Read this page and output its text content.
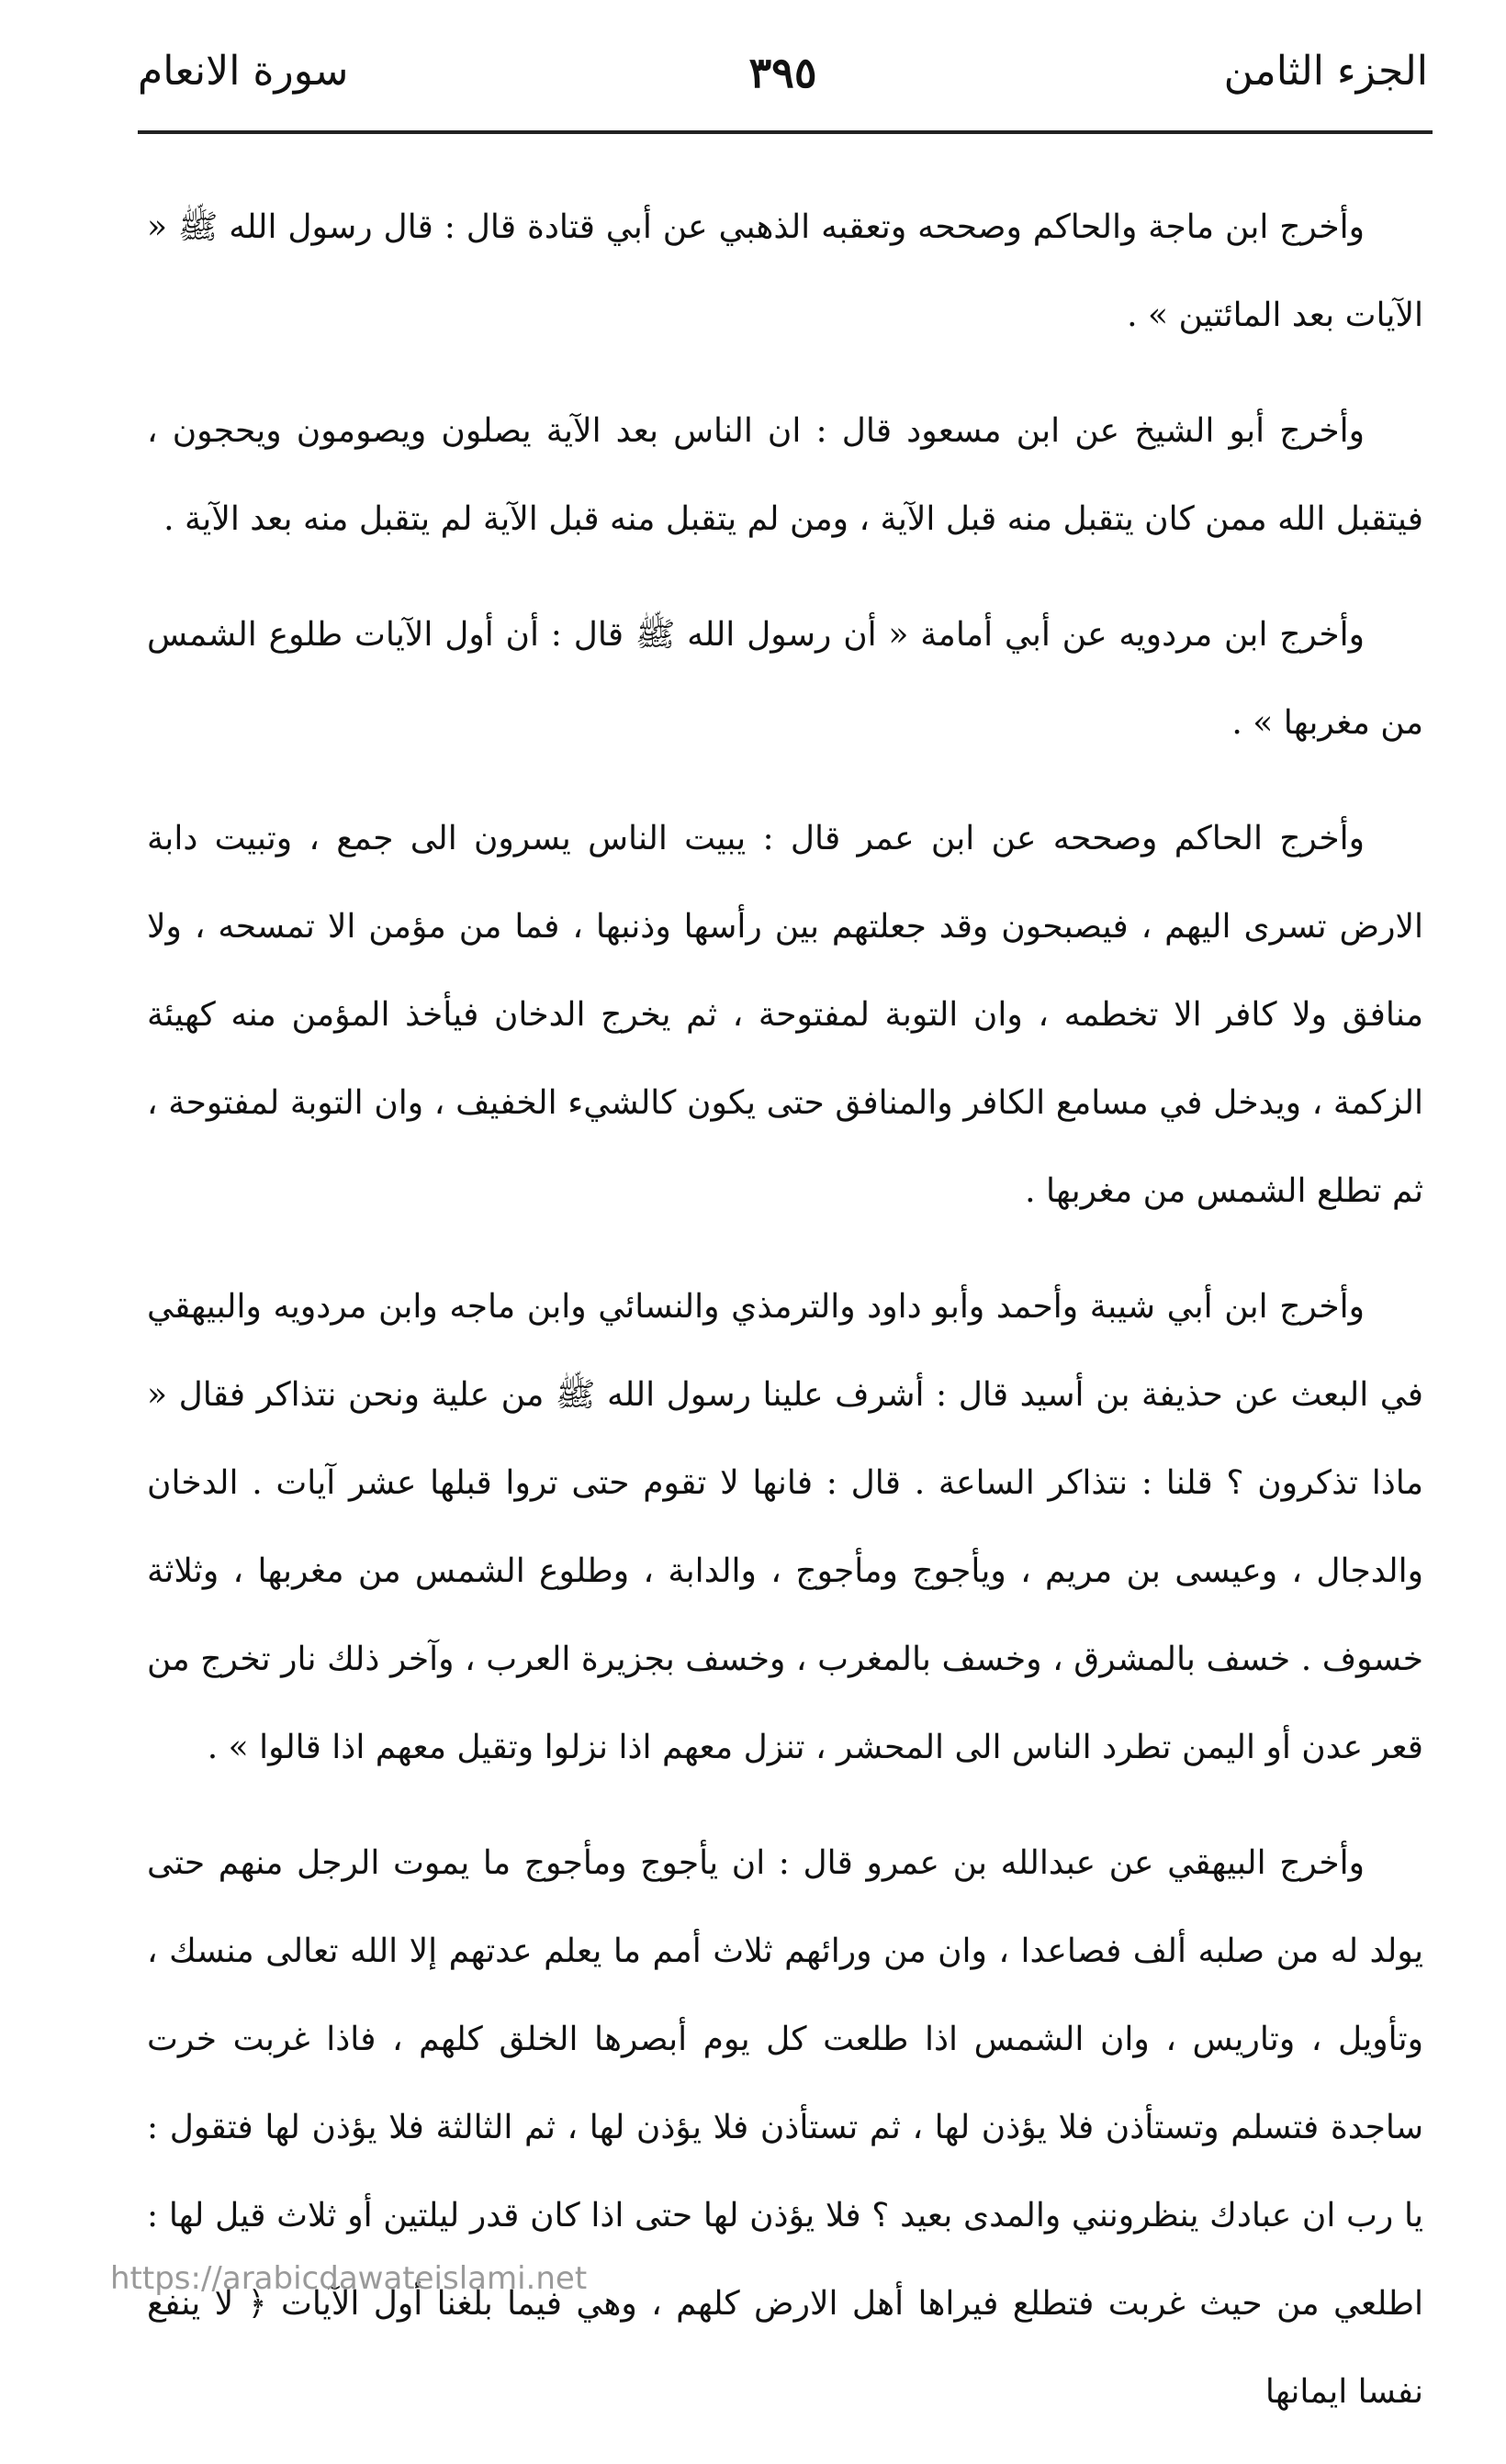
الجزء الثامن
٣٩٥
سورة الانعام

وأخرج ابن ماجة والحاكم وصححه وتعقبه الذهبي عن أبي قتادة قال : قال رسول الله ﷺ « الآيات بعد المائتين » .

وأخرج أبو الشيخ عن ابن مسعود قال : ان الناس بعد الآية يصلون ويصومون ويحجون ، فيتقبل الله ممن كان يتقبل منه قبل الآية ، ومن لم يتقبل منه قبل الآية لم يتقبل منه بعد الآية .

وأخرج ابن مردويه عن أبي أمامة « أن رسول الله ﷺ قال : أن أول الآيات طلوع الشمس من مغربها » .

وأخرج الحاكم وصححه عن ابن عمر قال : يبيت الناس يسرون الى جمع ، وتبيت دابة الارض تسرى اليهم ، فيصبحون وقد جعلتهم بين رأسها وذنبها ، فما من مؤمن الا تمسحه ، ولا منافق ولا كافر الا تخطمه ، وان التوبة لمفتوحة ، ثم يخرج الدخان فيأخذ المؤمن منه كهيئة الزكمة ، ويدخل في مسامع الكافر والمنافق حتى يكون كالشيء الخفيف ، وان التوبة لمفتوحة ، ثم تطلع الشمس من مغربها .

وأخرج ابن أبي شيبة وأحمد وأبو داود والترمذي والنسائي وابن ماجه وابن مردويه والبيهقي في البعث عن حذيفة بن أسيد قال : أشرف علينا رسول الله ﷺ من علية ونحن نتذاكر فقال « ماذا تذكرون ؟ قلنا : نتذاكر الساعة . قال : فانها لا تقوم حتى تروا قبلها عشر آيات . الدخان والدجال ، وعيسى بن مريم ، ويأجوج ومأجوج ، والدابة ، وطلوع الشمس من مغربها ، وثلاثة خسوف . خسف بالمشرق ، وخسف بالمغرب ، وخسف بجزيرة العرب ، وآخر ذلك نار تخرج من قعر عدن أو اليمن تطرد الناس الى المحشر ، تنزل معهم اذا نزلوا وتقيل معهم اذا قالوا » .

وأخرج البيهقي عن عبدالله بن عمرو قال : ان يأجوج ومأجوج ما يموت الرجل منهم حتى يولد له من صلبه ألف فصاعدا ، وان من ورائهم ثلاث أمم ما يعلم عدتهم إلا الله تعالى منسك ، وتأويل ، وتاريس ، وان الشمس اذا طلعت كل يوم أبصرها الخلق كلهم ، فاذا غربت خرت ساجدة فتسلم وتستأذن فلا يؤذن لها ، ثم تستأذن فلا يؤذن لها ، ثم الثالثة فلا يؤذن لها فتقول : يا رب ان عبادك ينظرونني والمدى بعيد ؟ فلا يؤذن لها حتى اذا كان قدر ليلتين أو ثلاث قيل لها : اطلعي من حيث غربت فتطلع فيراها أهل الارض كلهم ، وهي فيما بلغنا أول الآيات ﴿ لا ينفع نفسا ايمانها

https://arabicdawateislami.net
